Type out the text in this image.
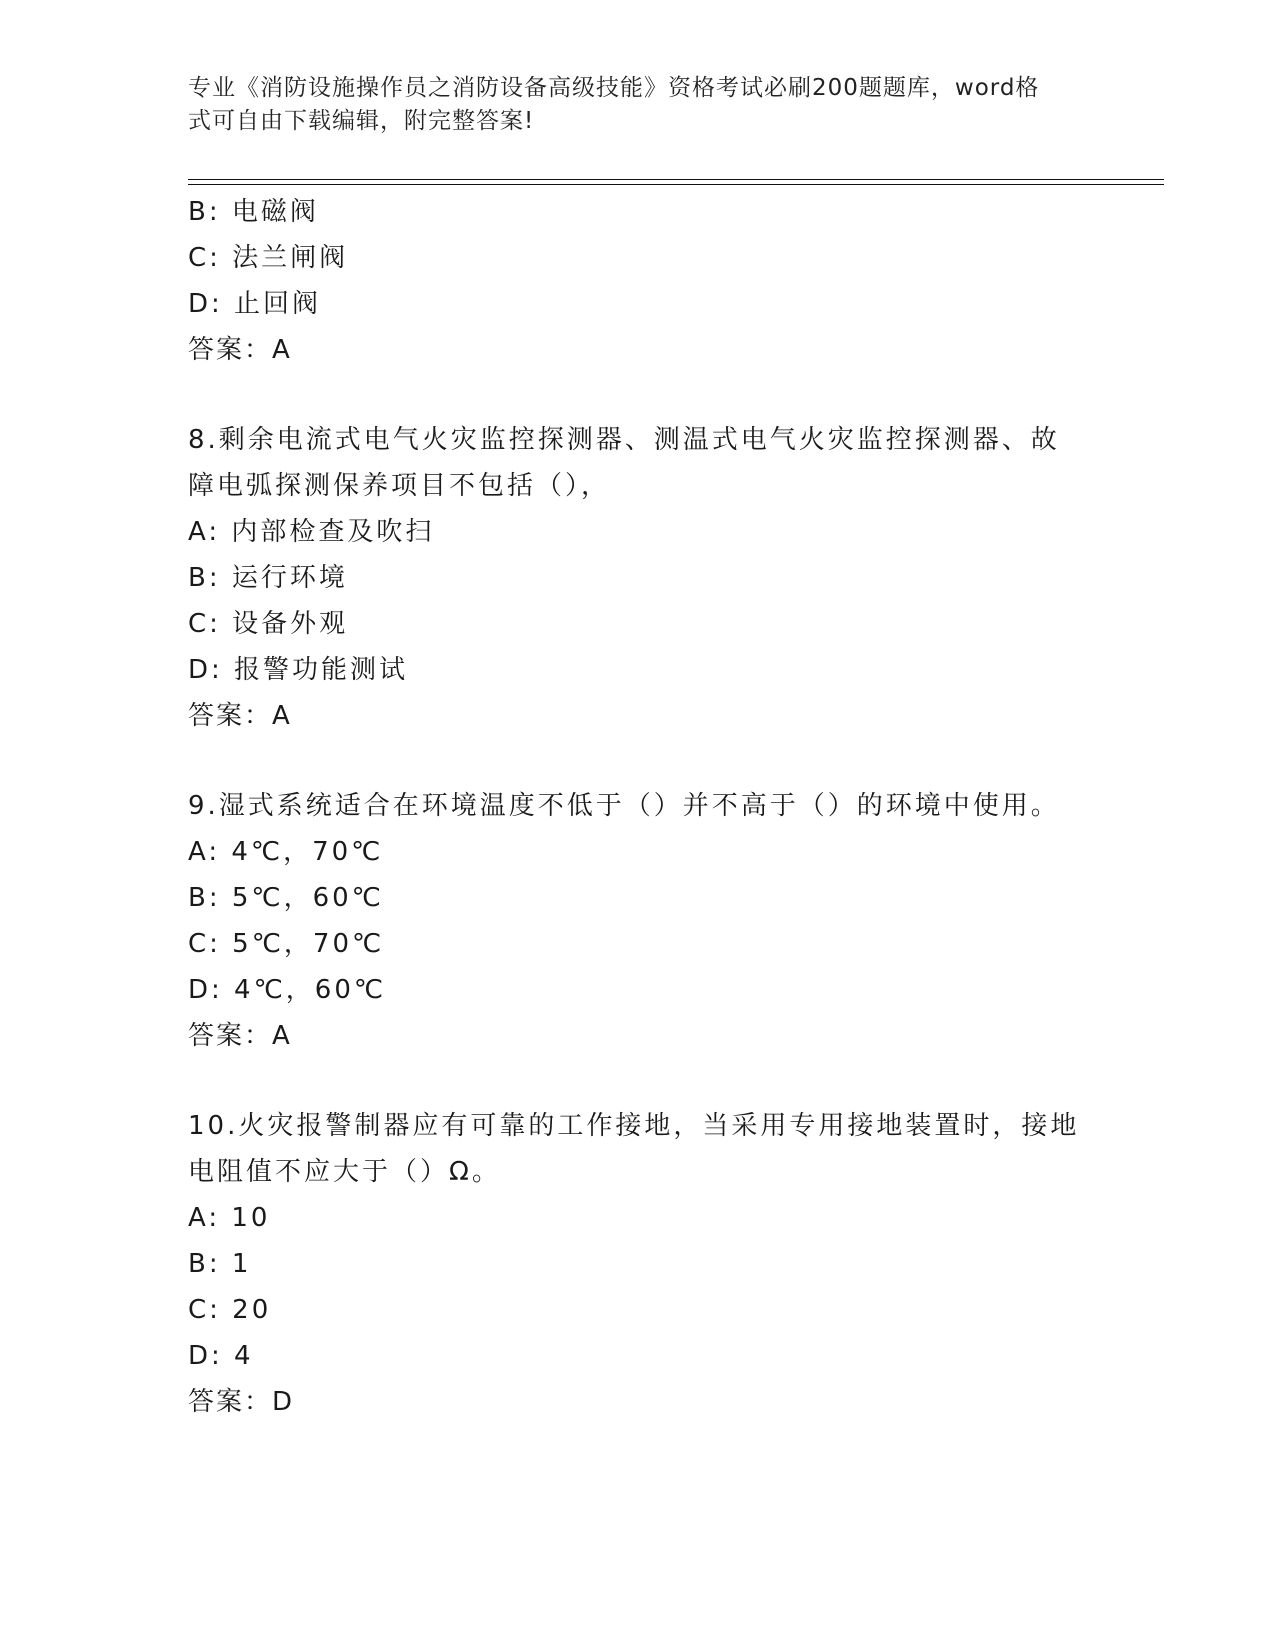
专业《消防设施操作员之消防设备高级技能》资格考试必刷200题题库，word格
式可自由下载编辑，附完整答案!
B: 电磁阀
C: 法兰闸阀
D: 止回阀
答案：A
8.剩余电流式电气火灾监控探测器、测温式电气火灾监控探测器、故
障电弧探测保养项目不包括（），
A: 内部检查及吹扫
B: 运行环境
C: 设备外观
D: 报警功能测试
答案：A
9.湿式系统适合在环境温度不低于（）并不高于（）的环境中使用。
A: 4℃，70℃
B: 5℃，60℃
C: 5℃，70℃
D: 4℃，60℃
答案：A
10.火灾报警制器应有可靠的工作接地，当采用专用接地装置时，接地
电阻值不应大于（）Ω。
A: 10
B: 1
C: 20
D: 4
答案：D
